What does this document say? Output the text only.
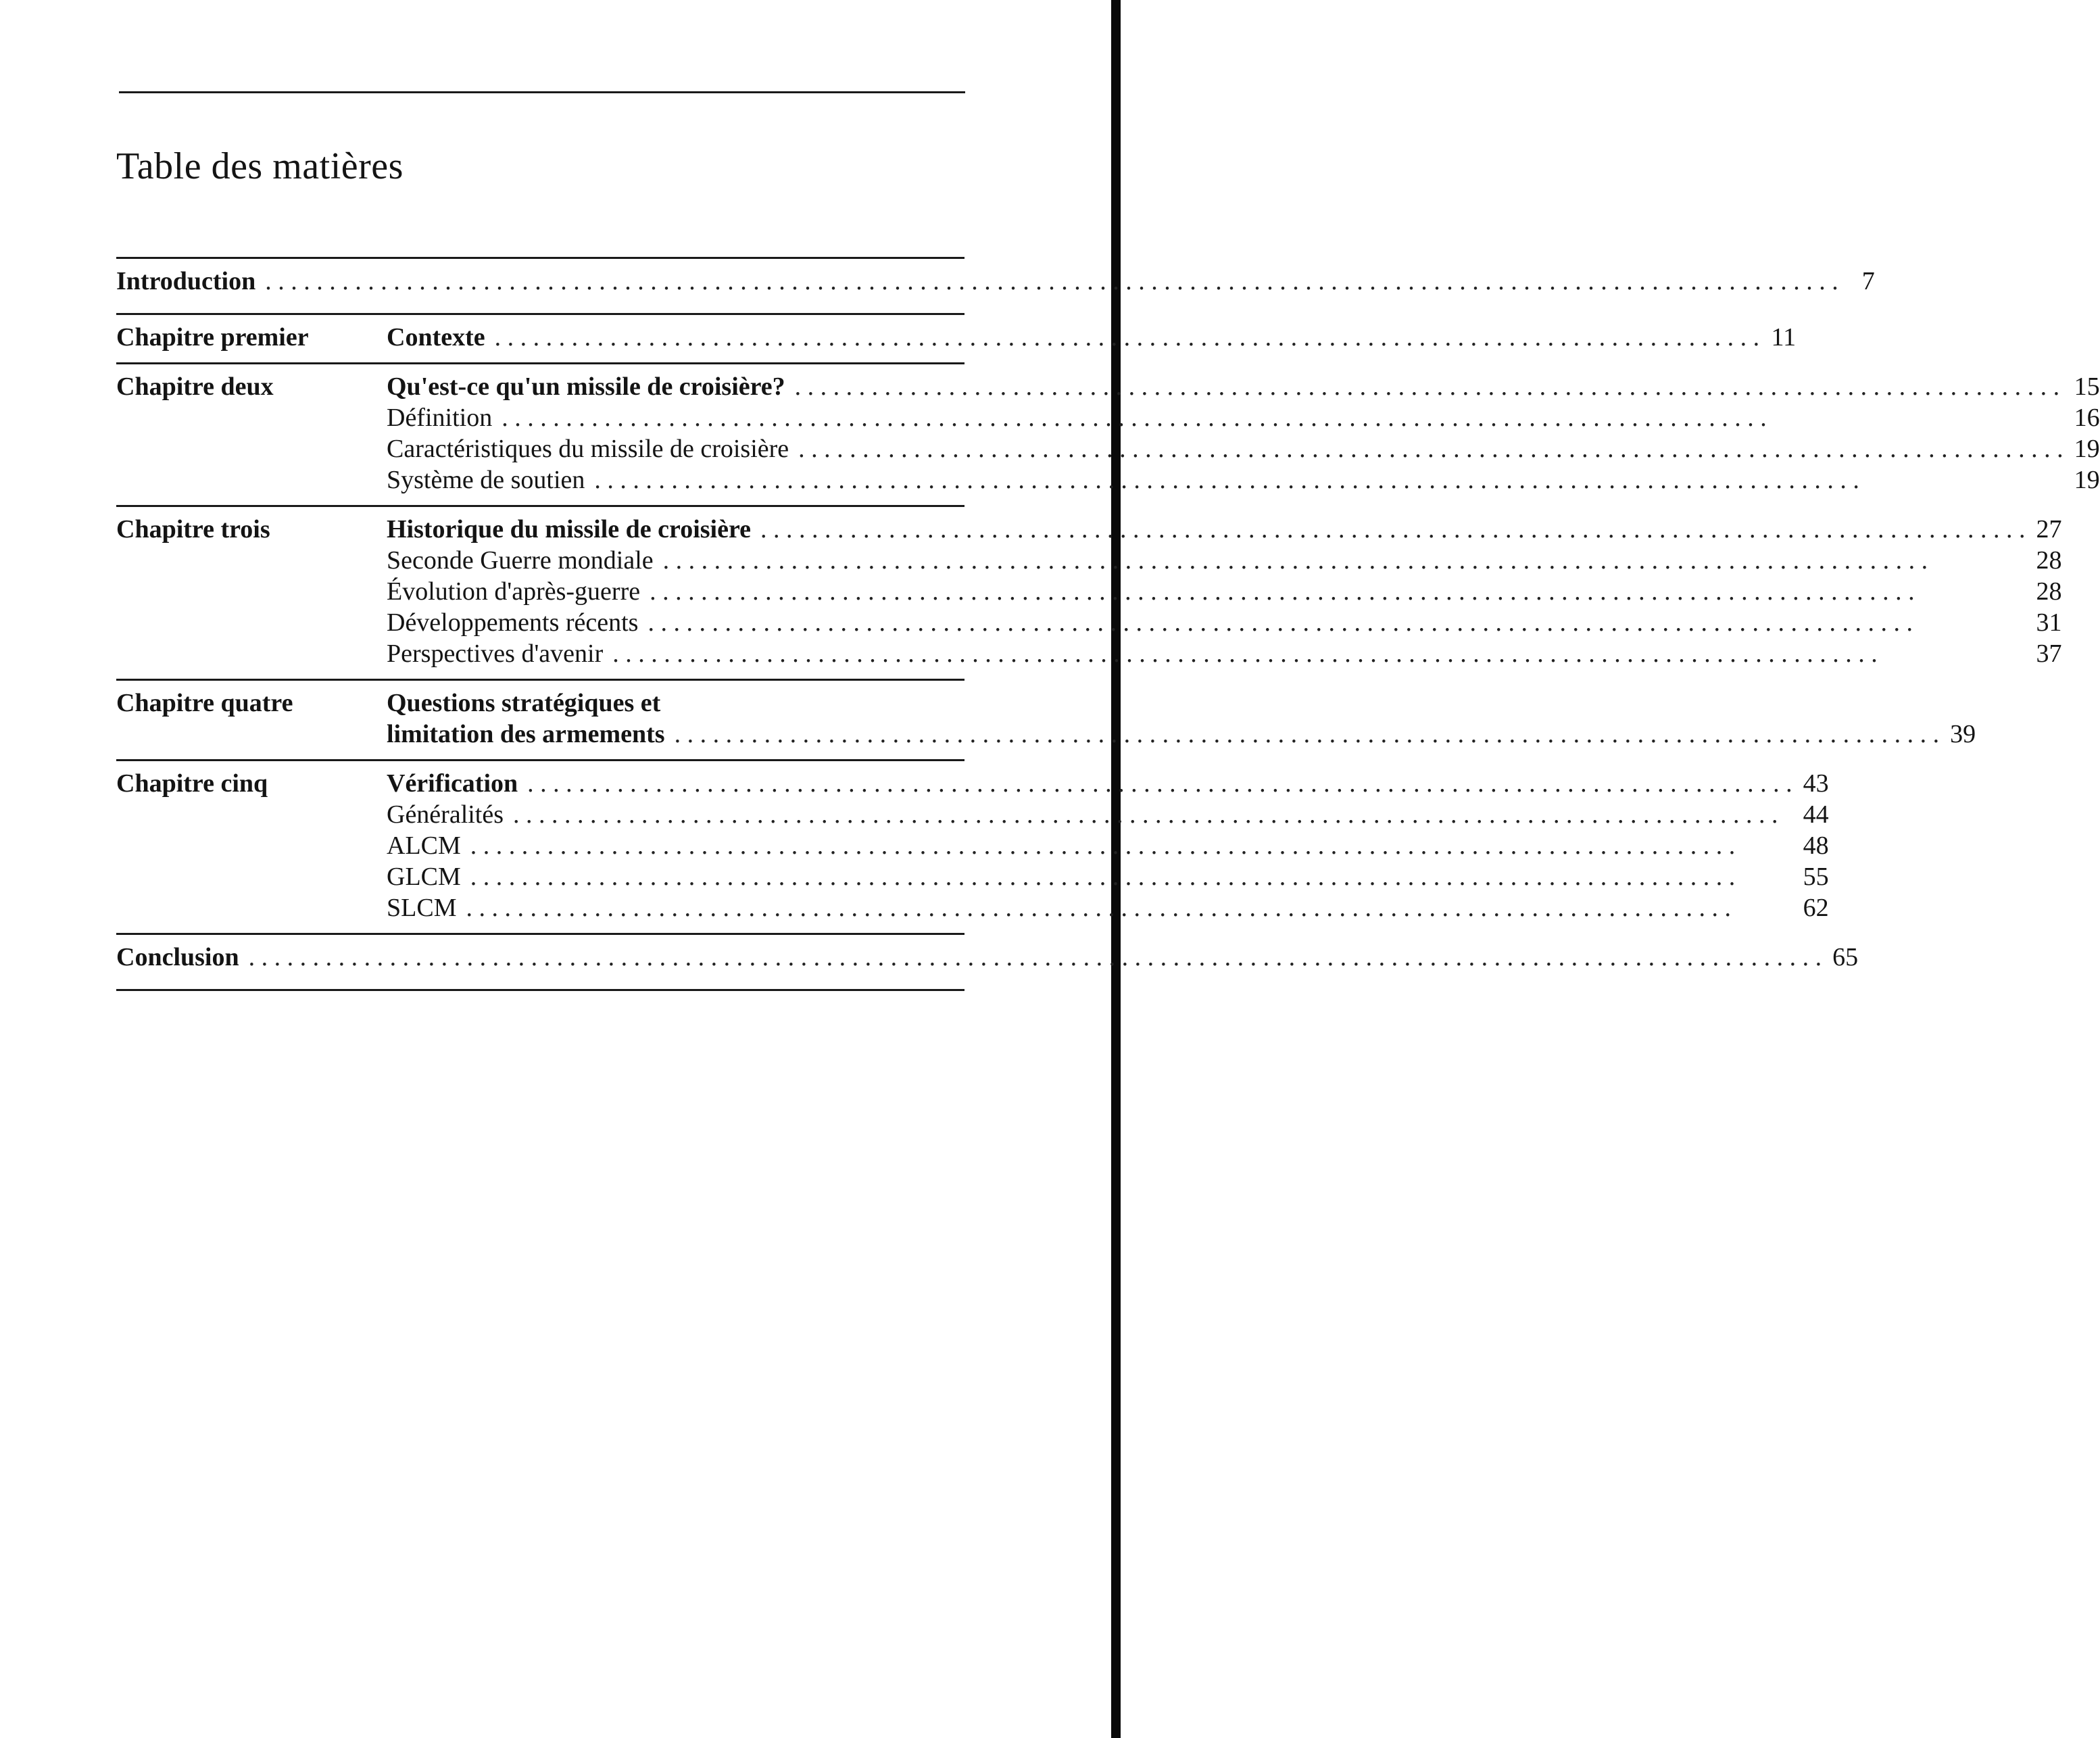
Table des matières
Introduction . . .	7
Chapitre premier	Contexte . . .	11
Chapitre deux	Qu'est-ce qu'un missile de croisière? . . .	15
Définition . . .	16
Caractéristiques du missile de croisière . . .	19
Système de soutien . . .	19
Chapitre trois	Historique du missile de croisière . . .	27
Seconde Guerre mondiale . . .	28
Évolution d'après-guerre . . .	28
Développements récents . . .	31
Perspectives d'avenir . . .	37
Chapitre quatre	Questions stratégiques et
limitation des armements . . .	39
Chapitre cinq	Vérification . . .	43
Généralités . . .	44
ALCM . . .	48
GLCM . . .	55
SLCM . . .	62
Conclusion . . .	65
